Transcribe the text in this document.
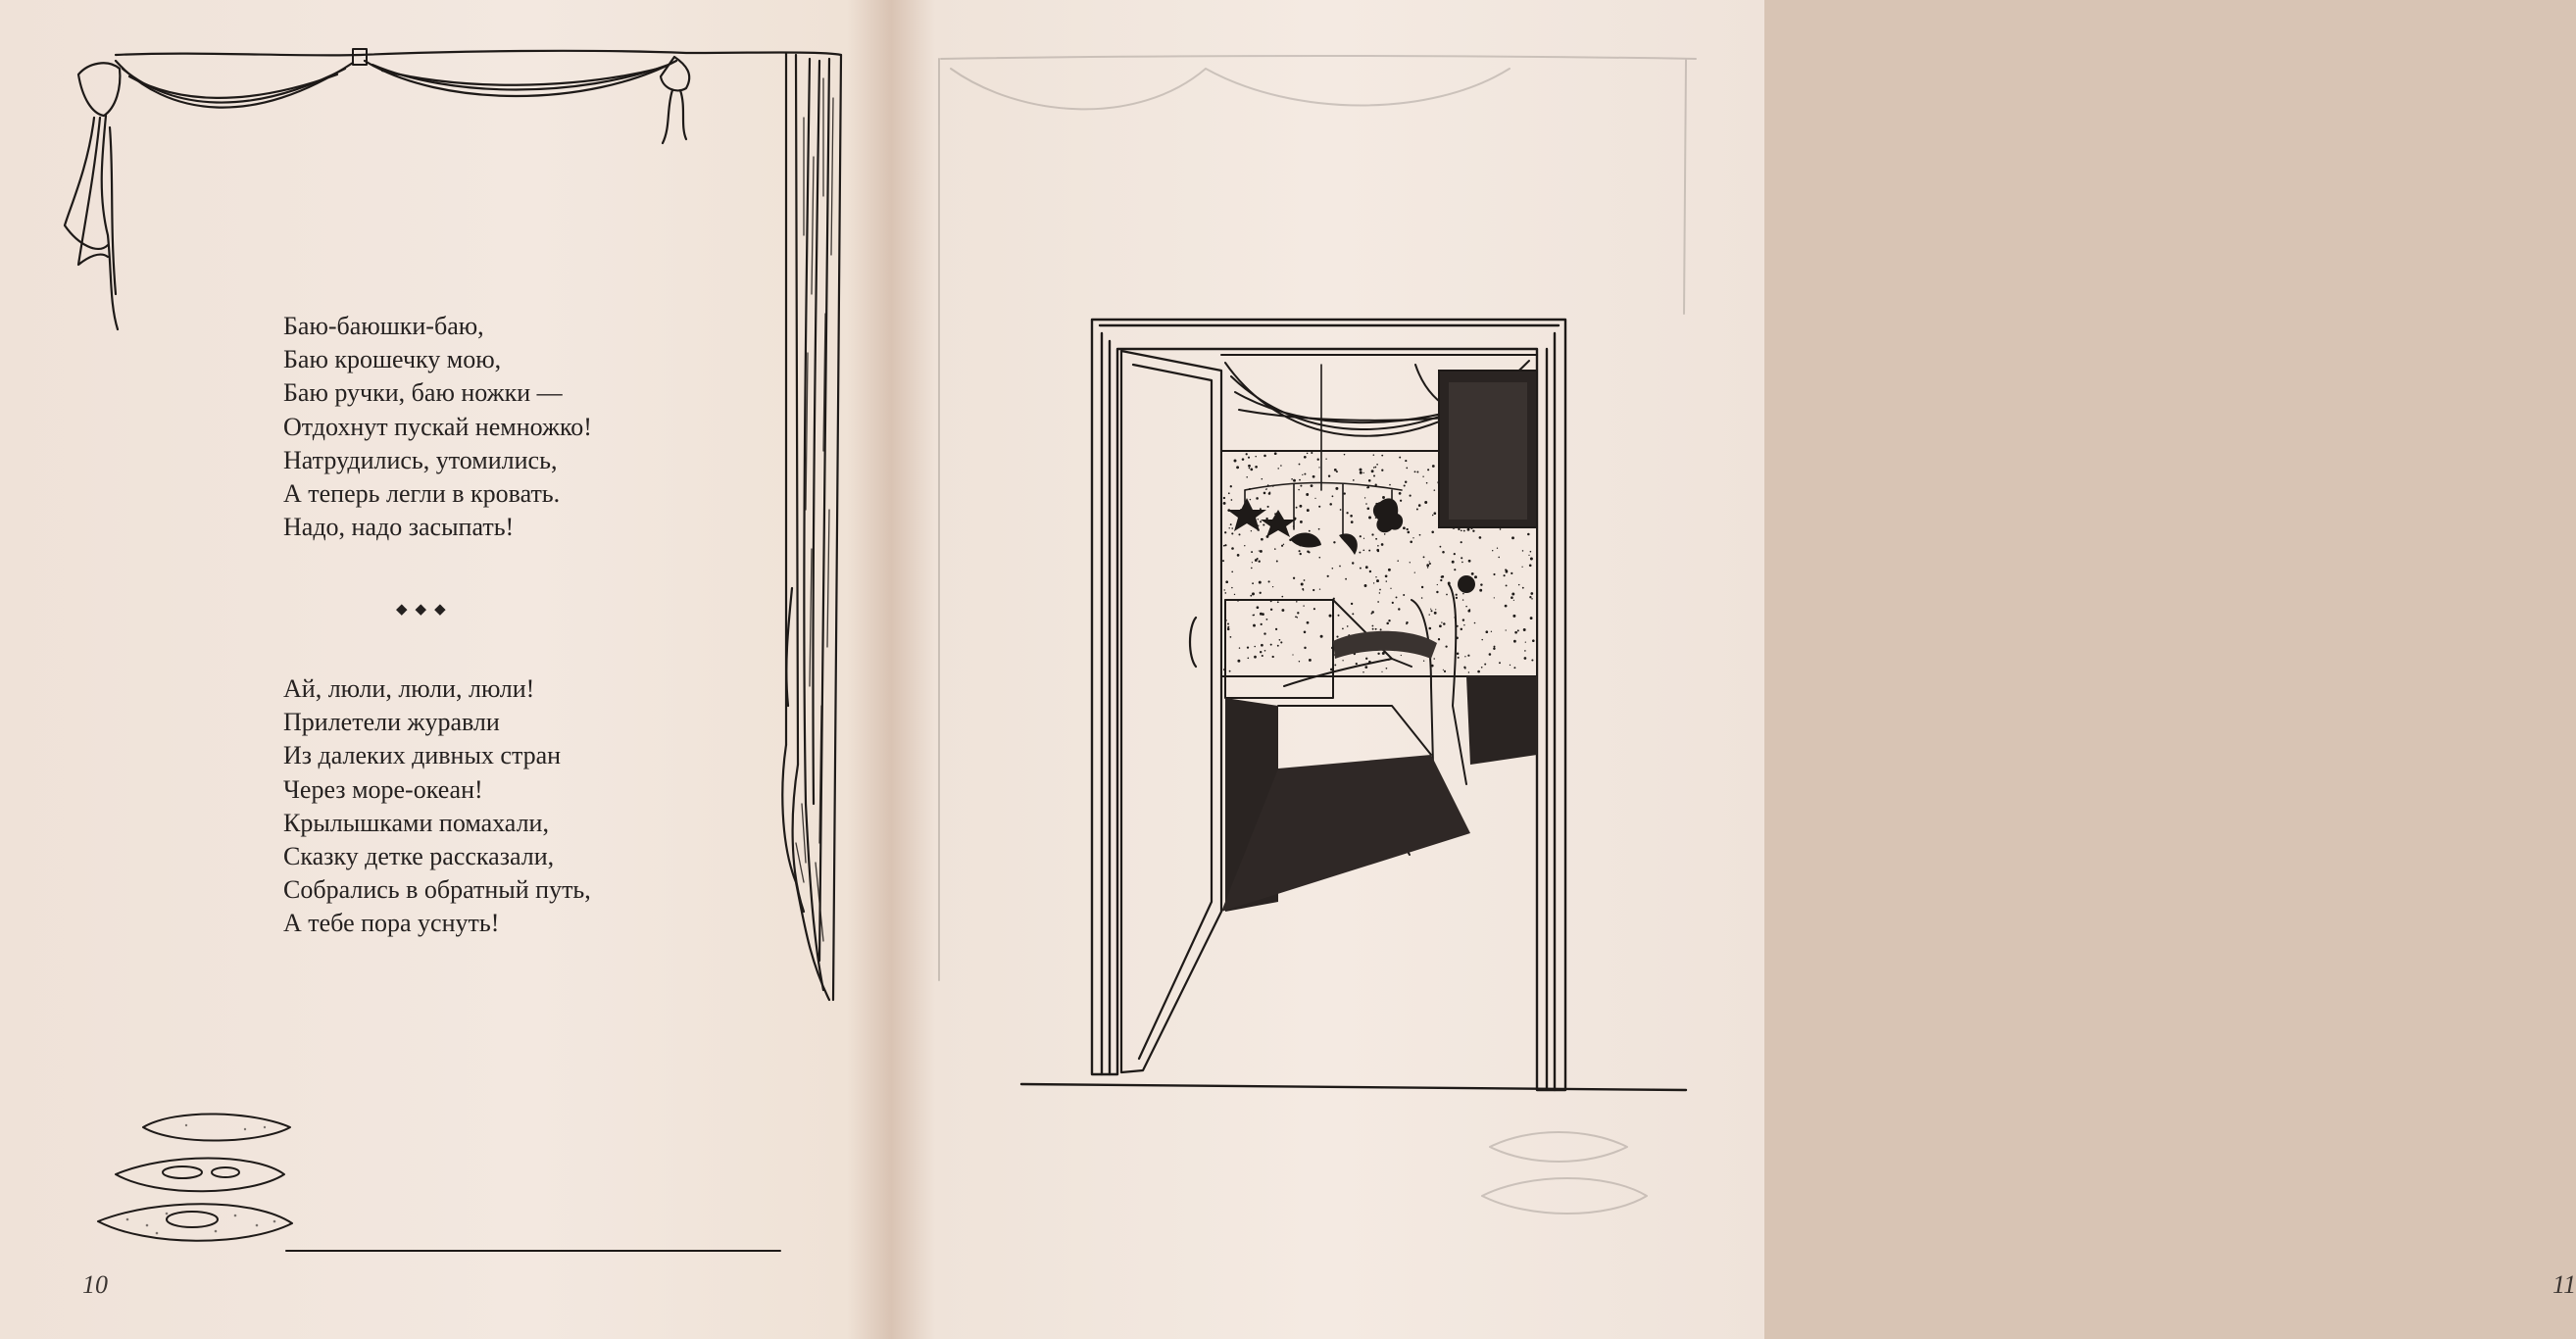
Баю-баюшки-баю,
Баю крошечку мою,
Баю ручки, баю ножки —
Отдохнут пускай немножко!
Натрудились, утомились,
А теперь легли в кровать.
Надо, надо засыпать!
◆◆◆
Ай, люли, люли, люли!
Прилетели журавли
Из далеких дивных стран
Через море-океан!
Крылышками помахали,
Сказку детке рассказали,
Собрались в обратный путь,
А тебе пора уснуть!
10	11
